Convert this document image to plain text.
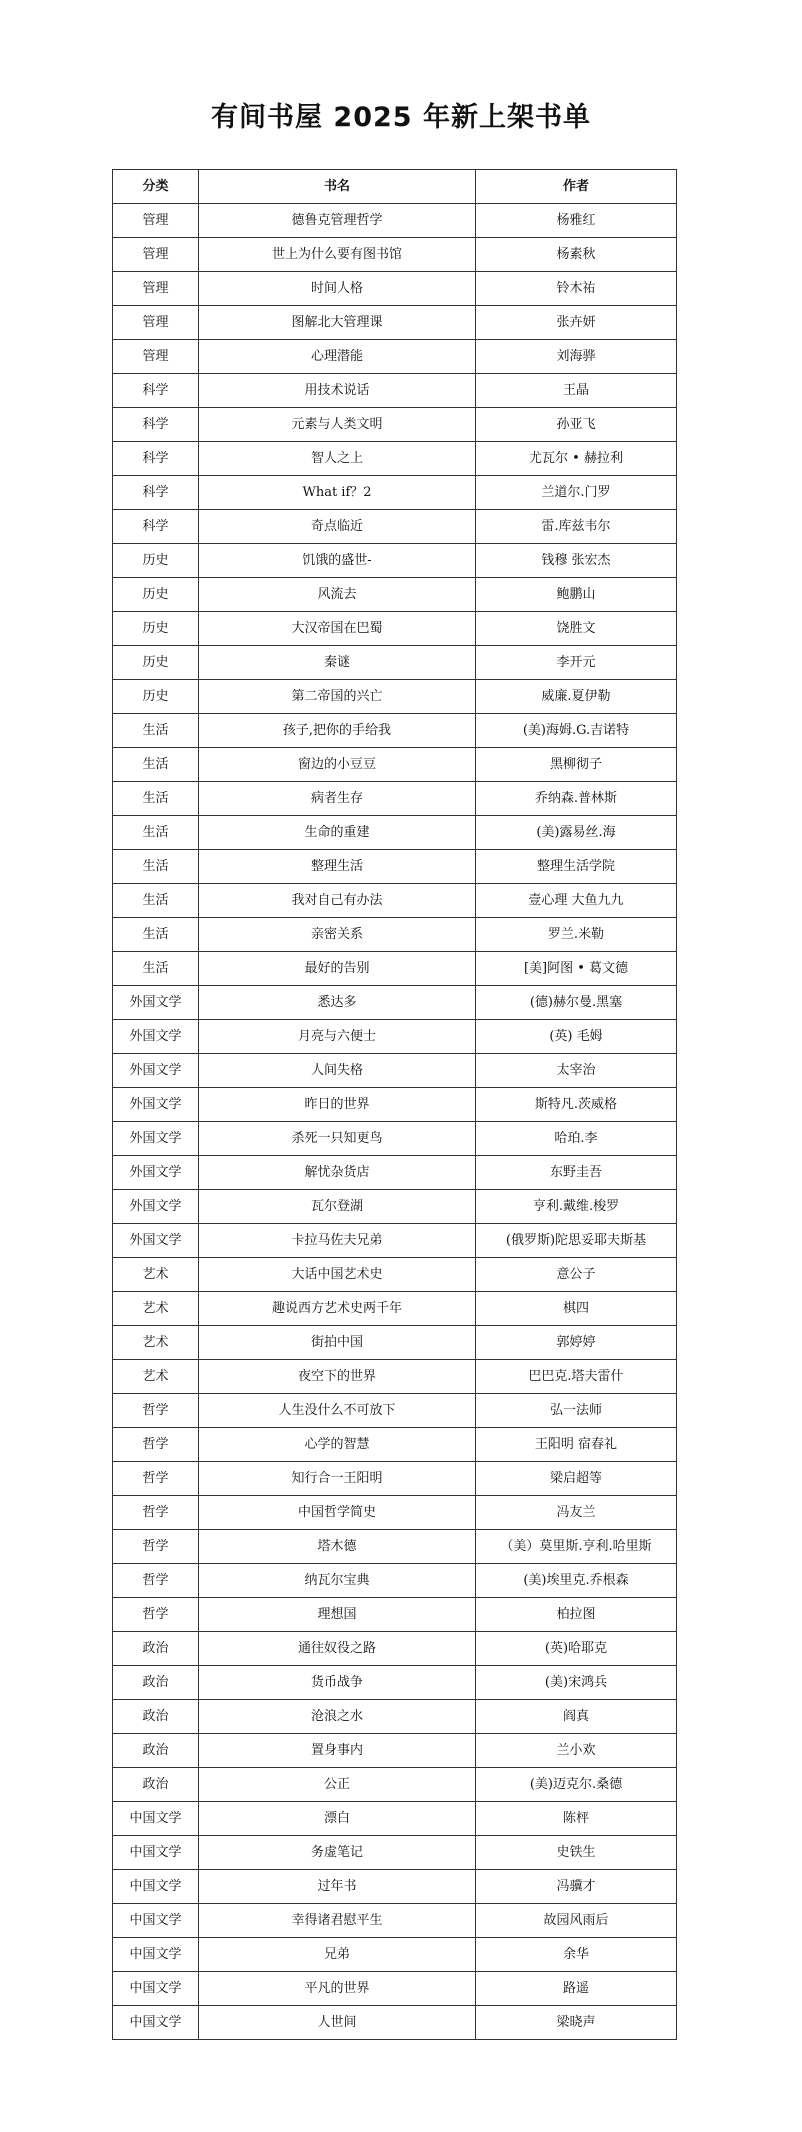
有间书屋 2025 年新上架书单
分类	书名	作者
管理	德鲁克管理哲学	杨雅红
管理	世上为什么要有图书馆	杨素秋
管理	时间人格	铃木祐
管理	图解北大管理课	张卉妍
管理	心理潜能	刘海骅
科学	用技术说话	王晶
科学	元素与人类文明	孙亚飞
科学	智人之上	尤瓦尔 • 赫拉利
科学	What if？2	兰道尔.门罗
科学	奇点临近	雷.库兹韦尔
历史	饥饿的盛世-	钱穆 张宏杰
历史	风流去	鲍鹏山
历史	大汉帝国在巴蜀	饶胜文
历史	秦谜	李开元
历史	第二帝国的兴亡	威廉.夏伊勒
生活	孩子,把你的手给我	(美)海姆.G.吉诺特
生活	窗边的小豆豆	黑柳彻子
生活	病者生存	乔纳森.普林斯
生活	生命的重建	(美)露易丝.海
生活	整理生活	整理生活学院
生活	我对自己有办法	壹心理 大鱼九九
生活	亲密关系	罗兰.米勒
生活	最好的告别	[美]阿图 • 葛文德
外国文学	悉达多	(德)赫尔曼.黑塞
外国文学	月亮与六便士	(英) 毛姆
外国文学	人间失格	太宰治
外国文学	昨日的世界	斯特凡.茨威格
外国文学	杀死一只知更鸟	哈珀.李
外国文学	解忧杂货店	东野圭吾
外国文学	瓦尔登湖	亨利.戴维.梭罗
外国文学	卡拉马佐夫兄弟	(俄罗斯)陀思妥耶夫斯基
艺术	大话中国艺术史	意公子
艺术	趣说西方艺术史两千年	棋四
艺术	街拍中国	郭婷婷
艺术	夜空下的世界	巴巴克.塔夫雷什
哲学	人生没什么不可放下	弘一法师
哲学	心学的智慧	王阳明 宿春礼
哲学	知行合一王阳明	梁启超等
哲学	中国哲学简史	冯友兰
哲学	塔木德	（美）莫里斯.亨利.哈里斯
哲学	纳瓦尔宝典	(美)埃里克.乔根森
哲学	理想国	柏拉图
政治	通往奴役之路	(英)哈耶克
政治	货币战争	(美)宋鸿兵
政治	沧浪之水	阎真
政治	置身事内	兰小欢
政治	公正	(美)迈克尔.桑德
中国文学	漂白	陈枰
中国文学	务虚笔记	史铁生
中国文学	过年书	冯骥才
中国文学	幸得诸君慰平生	故园风雨后
中国文学	兄弟	余华
中国文学	平凡的世界	路遥
中国文学	人世间	梁晓声
